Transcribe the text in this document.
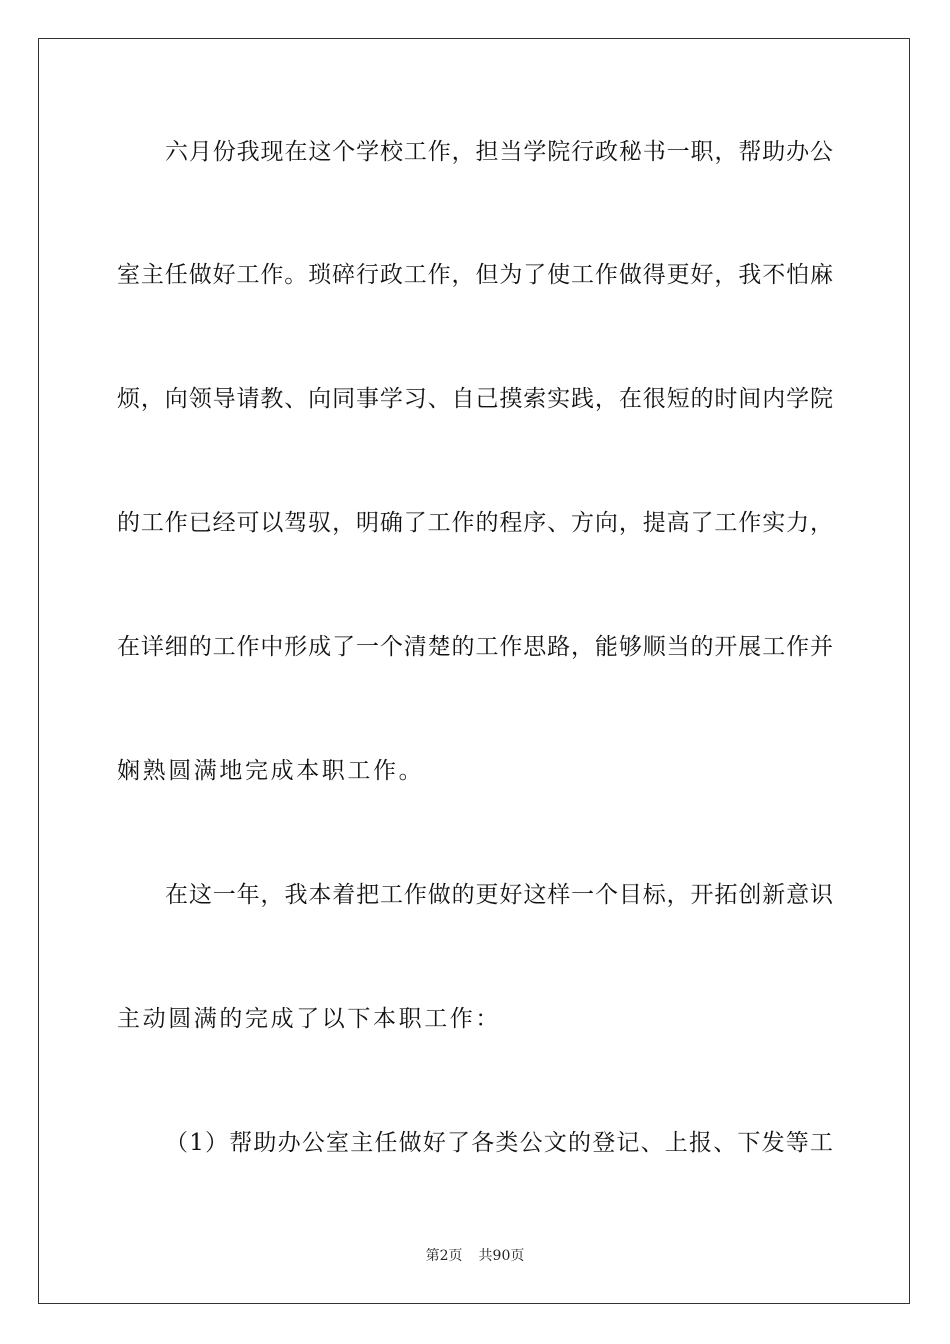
六月份我现在这个学校工作，担当学院行政秘书一职，帮助办公
室主任做好工作。琐碎行政工作，但为了使工作做得更好，我不怕麻
烦，向领导请教、向同事学习、自己摸索实践，在很短的时间内学院
的工作已经可以驾驭，明确了工作的程序、方向，提高了工作实力，
在详细的工作中形成了一个清楚的工作思路，能够顺当的开展工作并
娴熟圆满地完成本职工作。
在这一年，我本着把工作做的更好这样一个目标，开拓创新意识
主动圆满的完成了以下本职工作：
（1）帮助办公室主任做好了各类公文的登记、上报、下发等工
第2页 共90页
